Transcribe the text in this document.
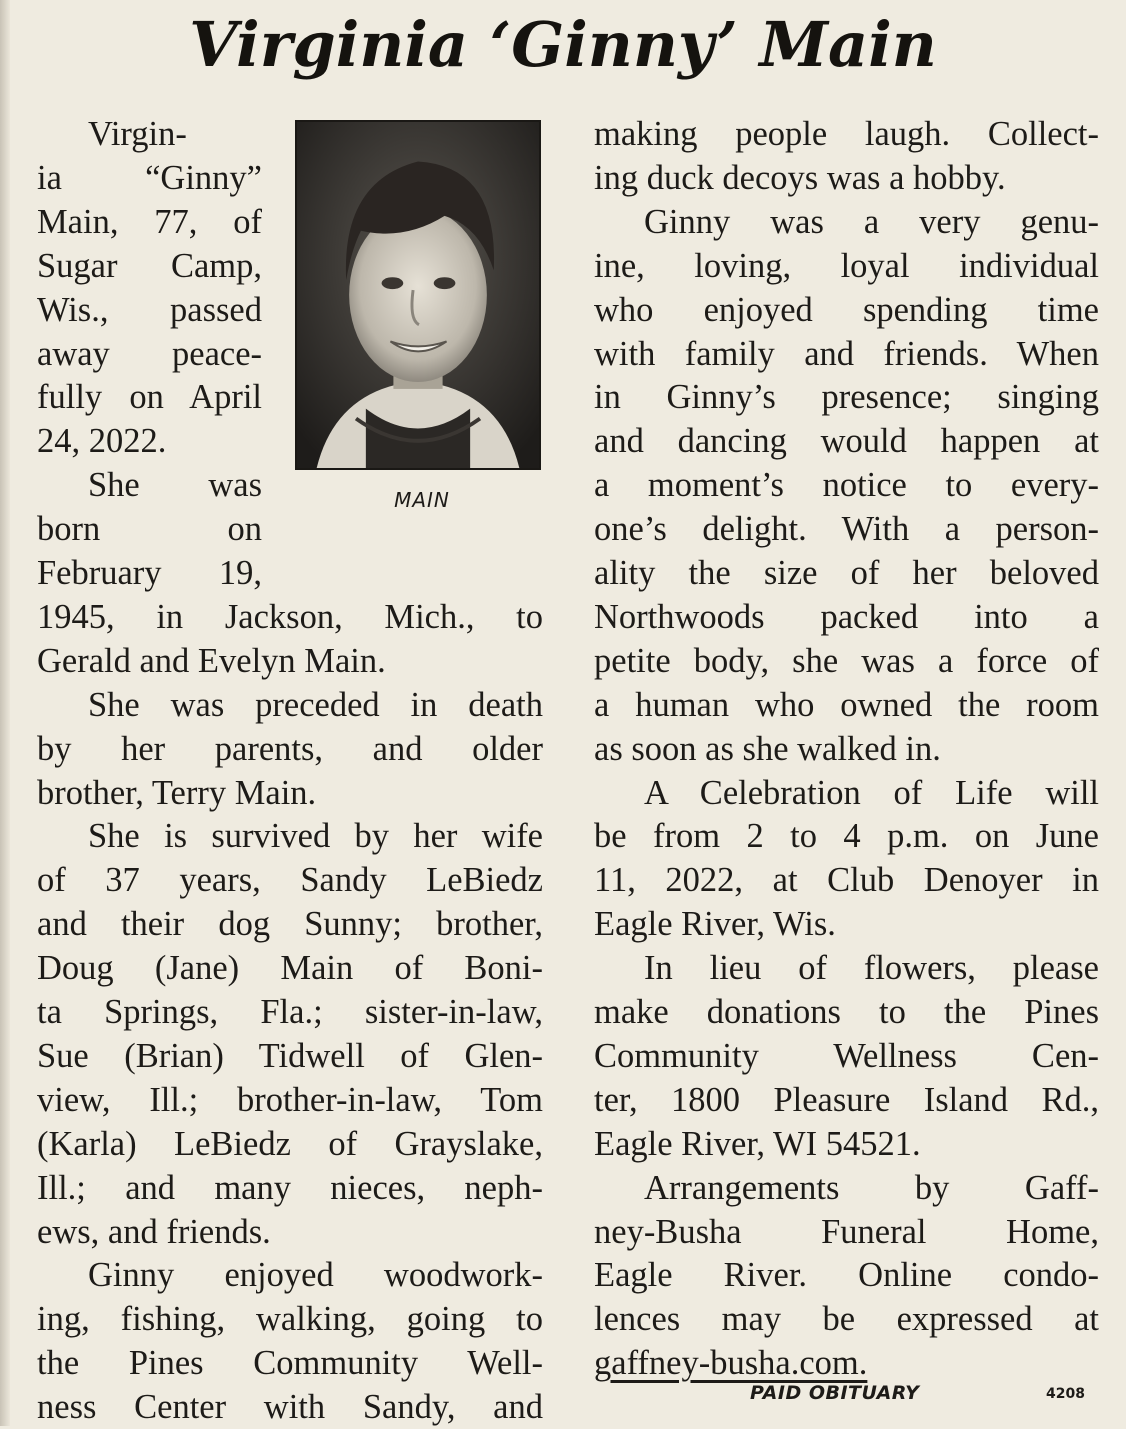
Virginia ‘Ginny’ Main
MAIN
Virgin-
ia “Ginny”
Main, 77, of
Sugar Camp,
Wis., passed
away peace-
fully on April
24, 2022.
She was
born on
February 19,
1945, in Jackson, Mich., to
Gerald and Evelyn Main.
She was preceded in death
by her parents, and older
brother, Terry Main.
She is survived by her wife
of 37 years, Sandy LeBiedz
and their dog Sunny; brother,
Doug (Jane) Main of Boni-
ta Springs, Fla.; sister-in-law,
Sue (Brian) Tidwell of Glen-
view, Ill.; brother-in-law, Tom
(Karla) LeBiedz of Grayslake,
Ill.; and many nieces, neph-
ews, and friends.
Ginny enjoyed woodwork-
ing, fishing, walking, going to
the Pines Community Well-
ness Center with Sandy, and
making people laugh. Collect-
ing duck decoys was a hobby.
Ginny was a very genu-
ine, loving, loyal individual
who enjoyed spending time
with family and friends. When
in Ginny’s presence; singing
and dancing would happen at
a moment’s notice to every-
one’s delight. With a person-
ality the size of her beloved
Northwoods packed into a
petite body, she was a force of
a human who owned the room
as soon as she walked in.
A Celebration of Life will
be from 2 to 4 p.m. on June
11, 2022, at Club Denoyer in
Eagle River, Wis.
In lieu of flowers, please
make donations to the Pines
Community Wellness Cen-
ter, 1800 Pleasure Island Rd.,
Eagle River, WI 54521.
Arrangements by Gaff-
ney-Busha Funeral Home,
Eagle River. Online condo-
lences may be expressed at
gaffney-busha.com.
PAID OBITUARY	4208
